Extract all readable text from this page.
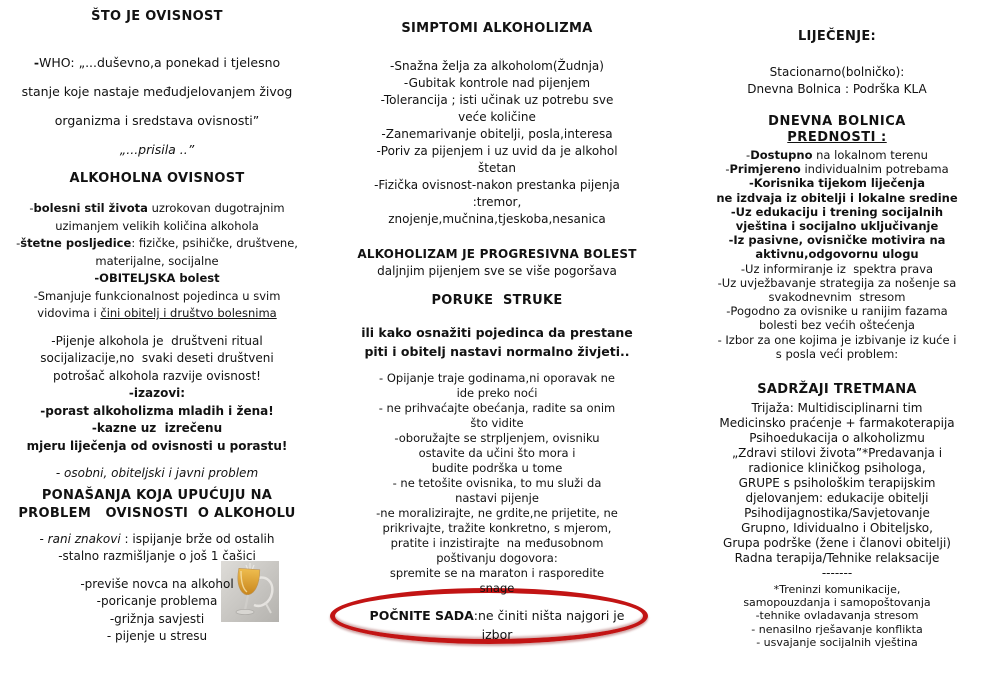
ŠTO JE OVISNOST
-WHO: „...duševno,a ponekad i tjelesno
stanje koje nastaje međudjelovanjem živog
organizma i sredstava ovisnosti”
„...prisila ..”
ALKOHOLNA OVISNOST
-bolesni stil života uzrokovan dugotrajnim
uzimanjem velikih količina alkohola
-štetne posljedice: fizičke, psihičke, društvene,
materijalne, socijalne
-OBITELJSKA bolest
-Smanjuje funkcionalnost pojedinca u svim
vidovima i čini obitelj i društvo bolesnima
-Pijenje alkohola je  društveni ritual
socijalizacije,no  svaki deseti društveni
potrošač alkohola razvije ovisnost!
-izazovi:
-porast alkoholizma mladih i žena!
-kazne uz  izrečenu
mjeru liječenja od ovisnosti u porastu!
- osobni, obiteljski i javni problem
PONAŠANJA KOJA UPUĆUJU NA
PROBLEM   OVISNOSTI  O ALKOHOLU
- rani znakovi : ispijanje brže od ostalih
-stalno razmišljanje o još 1 čašici
-previše novca na alkohol
-poricanje problema
-grižnja savjesti
- pijenje u stresu
SIMPTOMI ALKOHOLIZMA
-Snažna želja za alkoholom(Žudnja)
-Gubitak kontrole nad pijenjem
-Tolerancija ; isti učinak uz potrebu sve
veće količine
-Zanemarivanje obitelji, posla,interesa
-Poriv za pijenjem i uz uvid da je alkohol
štetan
-Fizička ovisnost-nakon prestanka pijenja
:tremor,
znojenje,mučnina,tjeskoba,nesanica
ALKOHOLIZAM JE PROGRESIVNA BOLEST
daljnjim pijenjem sve se više pogoršava
PORUKE  STRUKE
ili kako osnažiti pojedinca da prestane
piti i obitelj nastavi normalno živjeti..
- Opijanje traje godinama,ni oporavak ne
ide preko noći
- ne prihvaćajte obećanja, radite sa onim
što vidite
-oboružajte se strpljenjem, ovisniku
ostavite da učini što mora i
budite podrška u tome
- ne tetošite ovisnika, to mu služi da
nastavi pijenje
-ne moralizirajte, ne grdite,ne prijetite, ne
prikrivajte, tražite konkretno, s mjerom,
pratite i inzistirajte  na međusobnom
poštivanju dogovora:
spremite se na maraton i rasporedite
snage
POČNITE SADA:ne činiti ništa najgori je
izbor
LIJEČENJE:
Stacionarno(bolničko):
Dnevna Bolnica : Podrška KLA
DNEVNA BOLNICA
PREDNOSTI :
-Dostupno na lokalnom terenu
-Primjereno individualnim potrebama
-Korisnika tijekom liječenja
ne izdvaja iz obitelji i lokalne sredine
-Uz edukaciju i trening socijalnih
vještina i socijalno uključivanje
-Iz pasivne, ovisničke motivira na
aktivnu,odgovornu ulogu
-Uz informiranje iz  spektra prava
-Uz uvježbavanje strategija za nošenje sa
svakodnevnim  stresom
-Pogodno za ovisnike u ranijim fazama
bolesti bez većih oštećenja
- Izbor za one kojima je izbivanje iz kuće i
s posla veći problem:
SADRŽAJI TRETMANA
Trijaža: Multidisciplinarni tim
Medicinsko praćenje + farmakoterapija
Psihoedukacija o alkoholizmu
„Zdravi stilovi života”*Predavanja i
radionice kliničkog psihologa,
GRUPE s psihološkim terapijskim
djelovanjem: edukacije obitelji
Psihodijagnostika/Savjetovanje
Grupno, Idividualno i Obiteljsko,
Grupa podrške (žene i članovi obitelji)
Radna terapija/Tehnike relaksacije
-------
*Treninzi komunikacije,
samopouzdanja i samopoštovanja
-tehnike ovladavanja stresom
- nenasilno rješavanje konflikta
- usvajanje socijalnih vještina
